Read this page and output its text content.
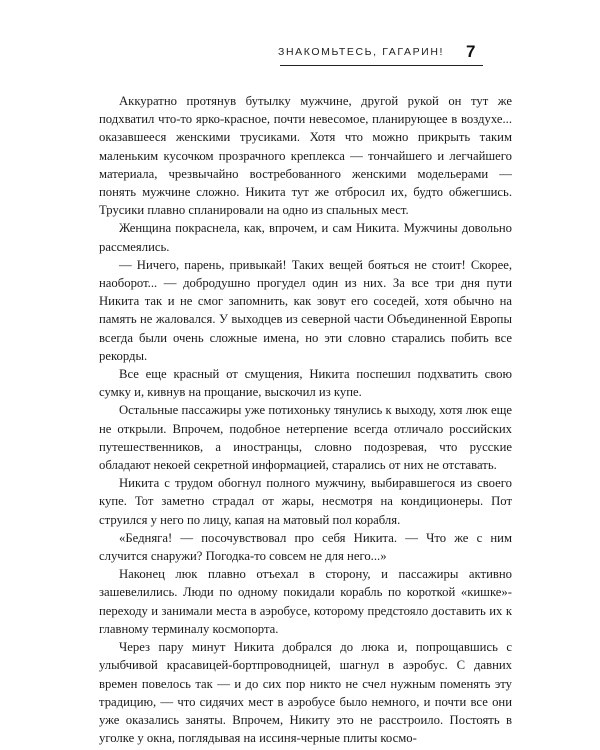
ЗНАКОМЬТЕСЬ, ГАГАРИН! 7

Аккуратно протянув бутылку мужчине, другой рукой он тут же подхватил что-то ярко-красное, почти невесомое, планирующее в воздухе... оказавшееся женскими трусиками. Хотя что можно прикрыть таким маленьким кусочком прозрачного креплекса — тончайшего и легчайшего материала, чрезвычайно востребованного женскими модельерами — понять мужчине сложно. Никита тут же отбросил их, будто обжегшись. Трусики плавно спланировали на одно из спальных мест.

Женщина покраснела, как, впрочем, и сам Никита. Мужчины довольно рассмеялись.

— Ничего, парень, привыкай! Таких вещей бояться не стоит! Скорее, наоборот... — добродушно прогудел один из них. За все три дня пути Никита так и не смог запомнить, как зовут его соседей, хотя обычно на память не жаловался. У выходцев из северной части Объединенной Европы всегда были очень сложные имена, но эти словно старались побить все рекорды.

Все еще красный от смущения, Никита поспешил подхватить свою сумку и, кивнув на прощание, выскочил из купе.

Остальные пассажиры уже потихоньку тянулись к выходу, хотя люк еще не открыли. Впрочем, подобное нетерпение всегда отличало российских путешественников, а иностранцы, словно подозревая, что русские обладают некоей секретной информацией, старались от них не отставать.

Никита с трудом обогнул полного мужчину, выбиравшегося из своего купе. Тот заметно страдал от жары, несмотря на кондиционеры. Пот струился у него по лицу, капая на матовый пол корабля.

«Бедняга! — посочувствовал про себя Никита. — Что же с ним случится снаружи? Погодка-то совсем не для него...»

Наконец люк плавно отъехал в сторону, и пассажиры активно зашевелились. Люди по одному покидали корабль по короткой «кишке»-переходу и занимали места в аэробусе, которому предстояло доставить их к главному терминалу космопорта.

Через пару минут Никита добрался до люка и, попрощавшись с улыбчивой красавицей-бортпроводницей, шагнул в аэробус. С давних времен повелось так — и до сих пор никто не счел нужным поменять эту традицию, — что сидячих мест в аэробусе было немного, и почти все они уже оказались заняты. Впрочем, Никиту это не расстроило. Постоять в уголке у окна, поглядывая на иссиня-черные плиты космо-
